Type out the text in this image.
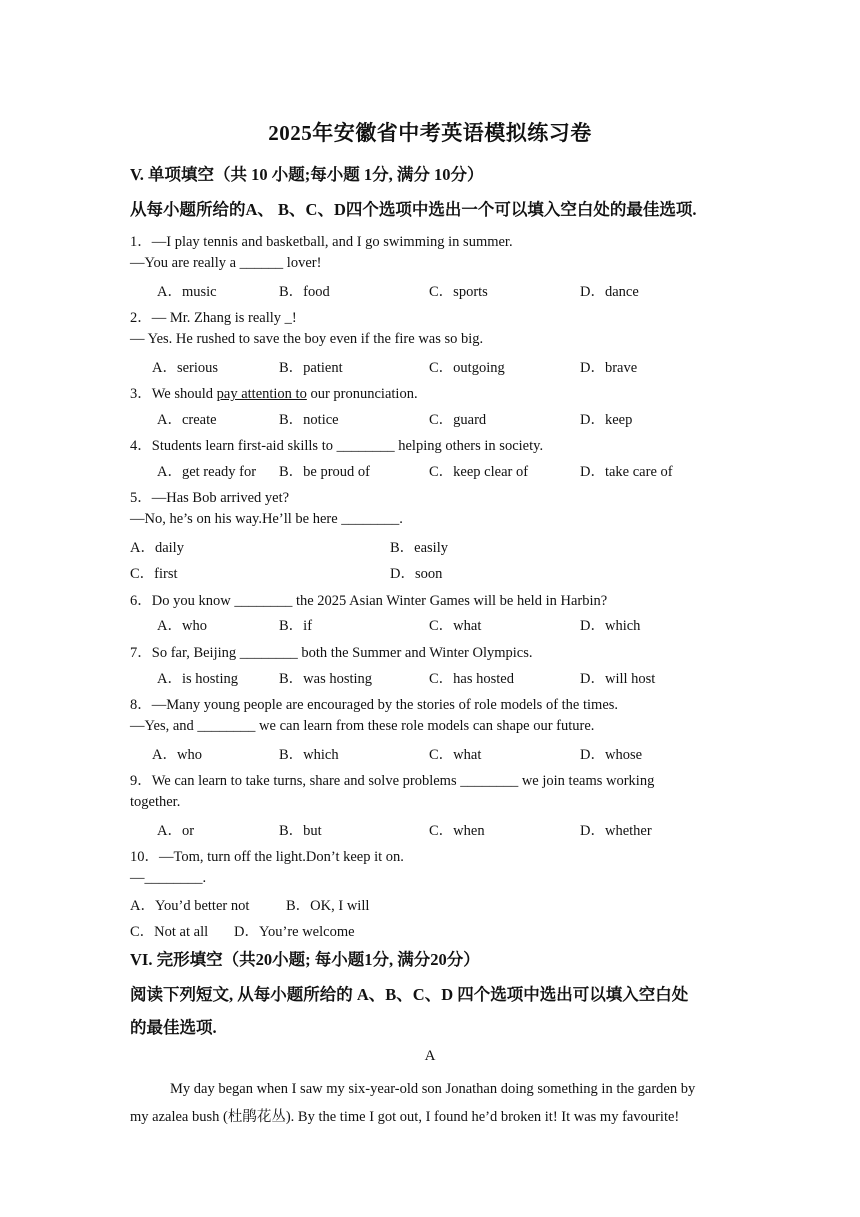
2025年安徽省中考英语模拟练习卷
V. 单项填空（共 10 小题;每小题 1分, 满分 10分）
从每小题所给的A、 B、C、D四个选项中选出一个可以填入空白处的最佳选项.
1．—I play tennis and basketball, and I go swimming in summer.
—You are really a ______ lover!
A．music	B．food	C．sports	D．dance
2．— Mr. Zhang is really _!
— Yes. He rushed to save the boy even if the fire was so big.
A．serious	B．patient	C．outgoing	D．brave
3．We should pay attention to our pronunciation.
A．create	B．notice	C．guard	D．keep
4．Students learn first-aid skills to ________ helping others in society.
A．get ready for B．be proud of	C．keep clear of	D．take care of
5．—Has Bob arrived yet?
—No, he’s on his way.He’ll be here ________.
A．daily	B．easily
C．first	D．soon
6．Do you know ________ the 2025 Asian Winter Games will be held in Harbin?
A．who	B．if	C．what	D．which
7．So far, Beijing ________ both the Summer and Winter Olympics.
A．is hosting	B．was hosting	C．has hosted	D．will host
8．—Many young people are encouraged by the stories of role models of the times.
—Yes, and ________ we can learn from these role models can shape our future.
A．who	B．which	C．what	D．whose
9．We can learn to take turns, share and solve problems ________ we join teams working
together.
A．or	B．but	C．when	D．whether
10．—Tom, turn off the light.Don’t keep it on.
—________.
A．You’d better not	B．OK, I will
C．Not at all D．You’re welcome
VI. 完形填空（共20小题; 每小题1分, 满分20分）
阅读下列短文, 从每小题所给的 A、B、C、D 四个选项中选出可以填入空白处
的最佳选项.
A
My day began when I saw my six-year-old son Jonathan doing something in the garden by
my azalea bush (杜鹃花丛). By the time I got out, I found he’d broken it! It was my favourite!
